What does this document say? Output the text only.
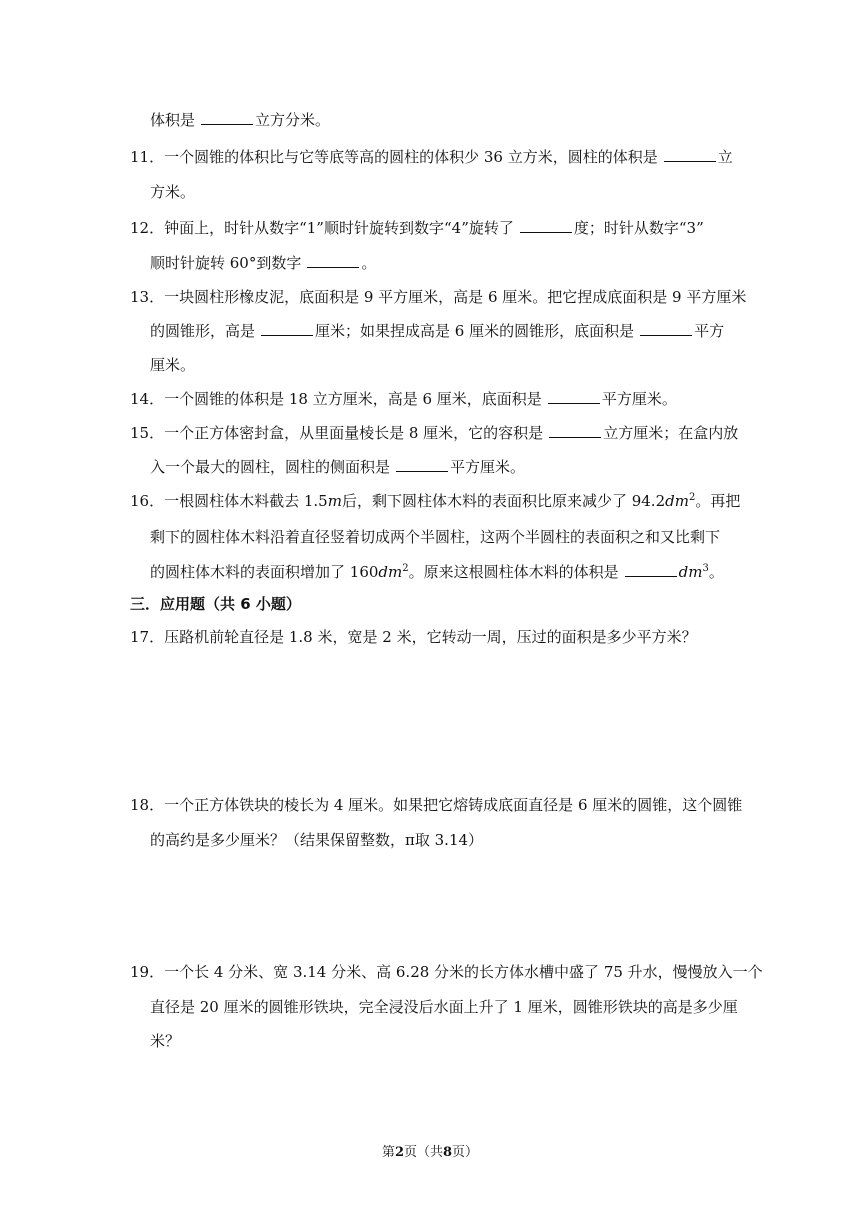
体积是	立方分米。
11．一个圆锥的体积比与它等底等高的圆柱的体积少 36 立方米，圆柱的体积是	立
方米。
12．钟面上，时针从数字“1”顺时针旋转到数字“4”旋转了	度；时针从数字“3”
顺时针旋转 60°到数字	。
13．一块圆柱形橡皮泥，底面积是 9 平方厘米，高是 6 厘米。把它捏成底面积是 9 平方厘米
的圆锥形，高是	厘米；如果捏成高是 6 厘米的圆锥形，底面积是	平方
厘米。
14．一个圆锥的体积是 18 立方厘米，高是 6 厘米，底面积是	平方厘米。
15．一个正方体密封盒，从里面量棱长是 8 厘米，它的容积是	立方厘米；在盒内放
入一个最大的圆柱，圆柱的侧面积是	平方厘米。
16．一根圆柱体木料截去 1.5m后，剩下圆柱体木料的表面积比原来减少了 $94.2dm^2$。再把
剩下的圆柱体木料沿着直径竖着切成两个半圆柱，这两个半圆柱的表面积之和又比剩下
的圆柱体木料的表面积增加了 $160dm^2$。原来这根圆柱体木料的体积是	$dm^3$。
三．应用题（共 6 小题）
17．压路机前轮直径是 1.8 米，宽是 2 米，它转动一周，压过的面积是多少平方米？
18．一个正方体铁块的棱长为 4 厘米。如果把它熔铸成底面直径是 6 厘米的圆锥，这个圆锥
的高约是多少厘米？（结果保留整数，π取 3.14）
19．一个长 4 分米、宽 3.14 分米、高 6.28 分米的长方体水槽中盛了 75 升水，慢慢放入一个
直径是 20 厘米的圆锥形铁块，完全浸没后水面上升了 1 厘米，圆锥形铁块的高是多少厘
米？
第2页（共8页）
